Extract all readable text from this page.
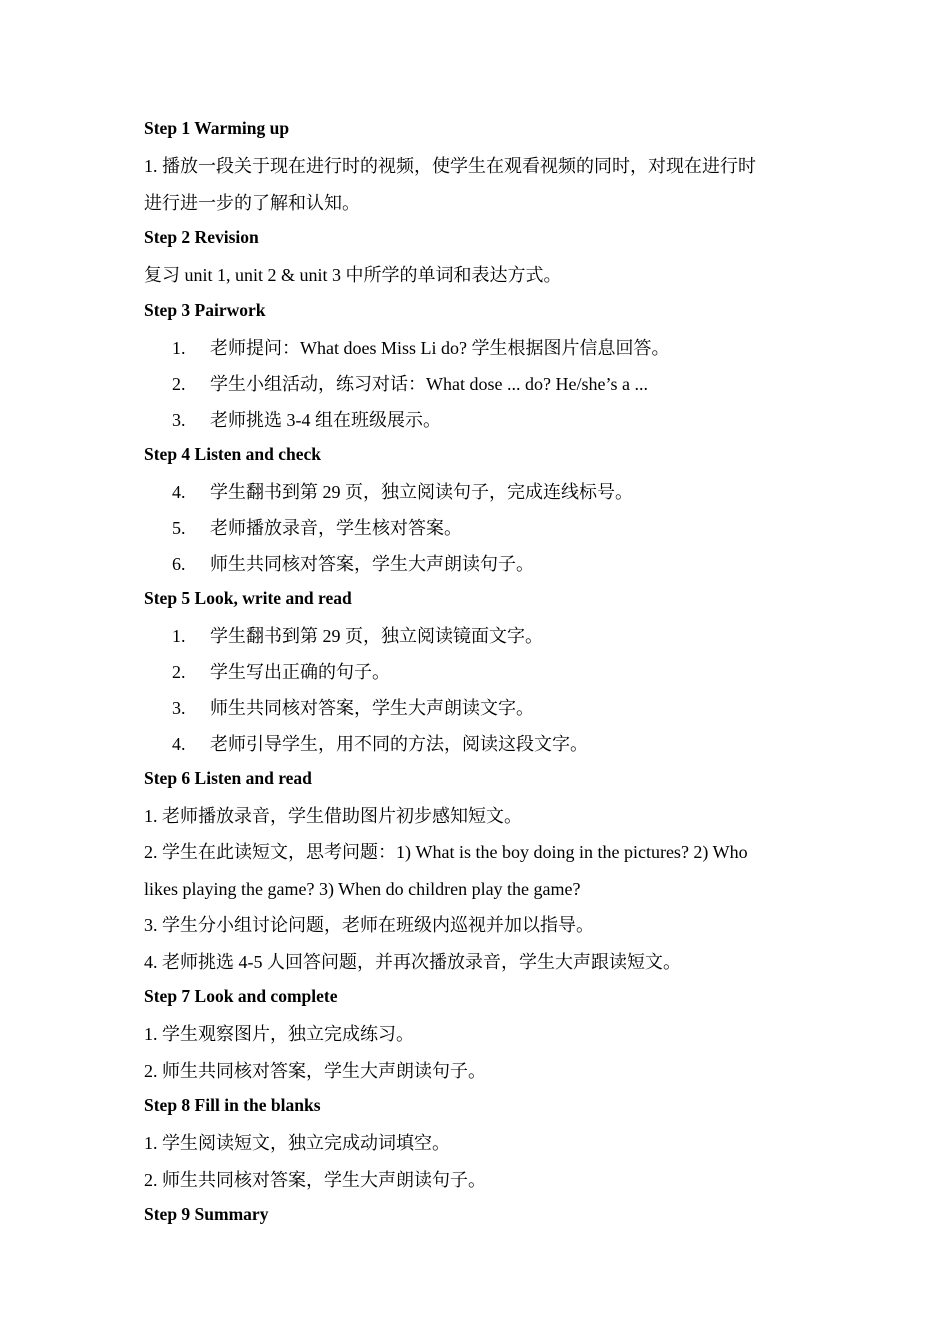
Step 1 Warming up
1. 播放一段关于现在进行时的视频，使学生在观看视频的同时，对现在进行时
进行进一步的了解和认知。
Step 2 Revision
复习 unit 1, unit 2 & unit 3 中所学的单词和表达方式。
Step 3 Pairwork
1. 老师提问：What does Miss Li do? 学生根据图片信息回答。
2. 学生小组活动，练习对话：What dose ... do? He/she’s a ...
3. 老师挑选 3-4 组在班级展示。
Step 4 Listen and check
4. 学生翻书到第 29 页，独立阅读句子，完成连线标号。
5. 老师播放录音，学生核对答案。
6. 师生共同核对答案，学生大声朗读句子。
Step 5 Look, write and read
1. 学生翻书到第 29 页，独立阅读镜面文字。
2. 学生写出正确的句子。
3. 师生共同核对答案，学生大声朗读文字。
4. 老师引导学生，用不同的方法，阅读这段文字。
Step 6 Listen and read
1. 老师播放录音，学生借助图片初步感知短文。
2. 学生在此读短文，思考问题：1) What is the boy doing in the pictures? 2) Who
likes playing the game? 3) When do children play the game?
3. 学生分小组讨论问题，老师在班级内巡视并加以指导。
4. 老师挑选 4-5 人回答问题，并再次播放录音，学生大声跟读短文。
Step 7 Look and complete
1. 学生观察图片，独立完成练习。
2. 师生共同核对答案，学生大声朗读句子。
Step 8 Fill in the blanks
1. 学生阅读短文，独立完成动词填空。
2. 师生共同核对答案，学生大声朗读句子。
Step 9 Summary
